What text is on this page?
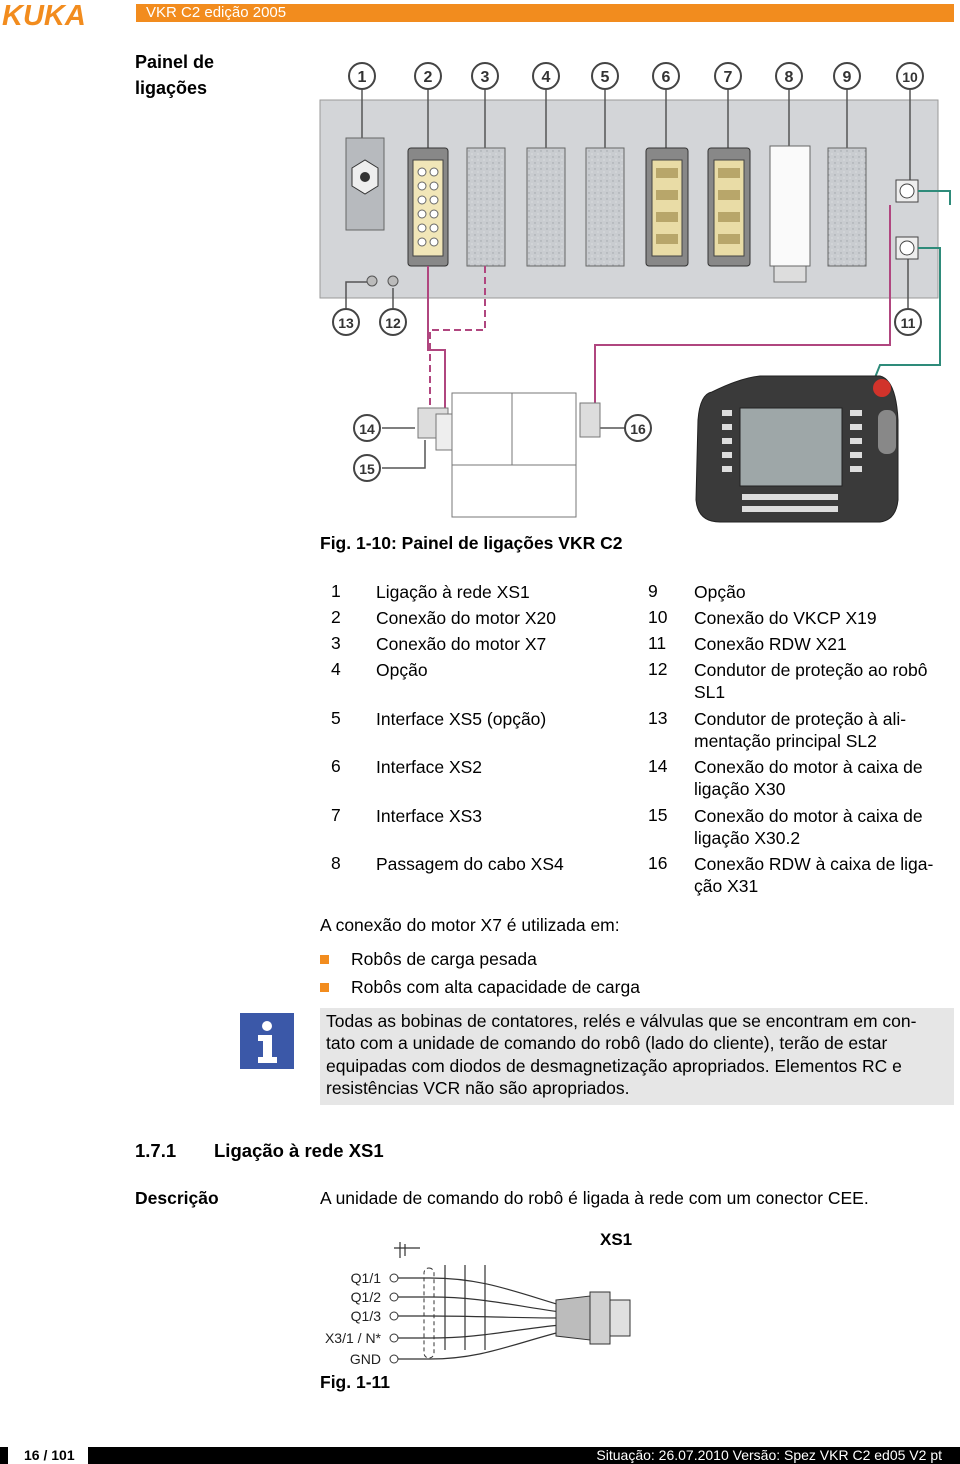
KUKA	VKR C2 edição 2005
Painel de
ligações
1	2	3	4	5	6	7	8	9	10
11
12
13
14
15
16
Fig. 1-10: Painel de ligações VKR C2
1 Ligação à rede XS1
2 Conexão do motor X20
3 Conexão do motor X7
4 Opção
5 Interface XS5 (opção)
6 Interface XS2
7 Interface XS3
8 Passagem do cabo XS4
9 Opção
10 Conexão do VKCP X19
11 Conexão RDW X21
12 Condutor de proteção ao robô
SL1
13 Condutor de proteção à ali-
mentação principal SL2
14 Conexão do motor à caixa de
ligação X30
15 Conexão do motor à caixa de
ligação X30.2
16 Conexão RDW à caixa de liga-
ção X31
A conexão do motor X7 é utilizada em:
Robôs de carga pesada
Robôs com alta capacidade de carga
Todas as bobinas de contatores, relés e válvulas que se encontram em con-
tato com a unidade de comando do robô (lado do cliente), terão de estar
equipadas com diodos de desmagnetização apropriados. Elementos RC e
resistências VCR não são apropriados.
1.7.1 Ligação à rede XS1
Descrição	A unidade de comando do robô é ligada à rede com um conector CEE.
XS1
Q1/1
Q1/2
Q1/3
X3/1 / N*
GND
Fig. 1-11
16 / 101	Situação: 26.07.2010 Versão: Spez VKR C2 ed05 V2 pt
